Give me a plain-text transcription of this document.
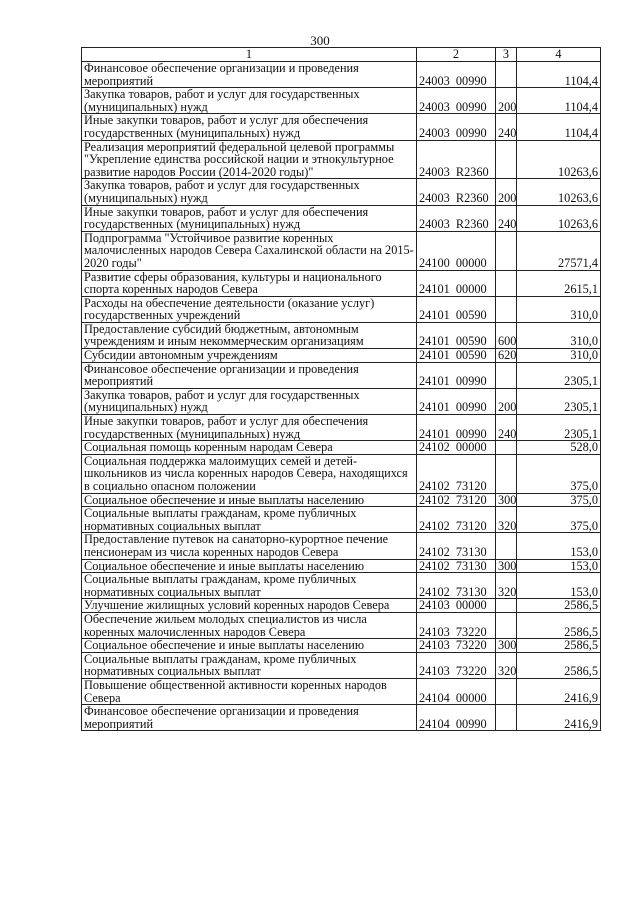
300
1	2	3	4
Финансовое обеспечение организации и проведения мероприятий	24003  00990		1104,4
Закупка товаров, работ и услуг для государственных (муниципальных) нужд	24003  00990	200	1104,4
Иные закупки товаров, работ и услуг для обеспечения государственных (муниципальных) нужд	24003  00990	240	1104,4
Реализация мероприятий федеральной целевой программы "Укрепление единства российской нации и этнокультурное развитие народов России (2014-2020 годы)"	24003  R2360		10263,6
Закупка товаров, работ и услуг для государственных (муниципальных) нужд	24003  R2360	200	10263,6
Иные закупки товаров, работ и услуг для обеспечения государственных (муниципальных) нужд	24003  R2360	240	10263,6
Подпрограмма "Устойчивое развитие коренных малочисленных народов Севера Сахалинской области на 2015-2020 годы"	24100  00000		27571,4
Развитие сферы образования, культуры и национального спорта коренных народов Севера	24101  00000		2615,1
Расходы на обеспечение деятельности (оказание услуг) государственных учреждений	24101  00590		310,0
Предоставление субсидий бюджетным, автономным учреждениям и иным некоммерческим организациям	24101  00590	600	310,0
Субсидии автономным учреждениям	24101  00590	620	310,0
Финансовое обеспечение организации и проведения мероприятий	24101  00990		2305,1
Закупка товаров, работ и услуг для государственных (муниципальных) нужд	24101  00990	200	2305,1
Иные закупки товаров, работ и услуг для обеспечения государственных (муниципальных) нужд	24101  00990	240	2305,1
Социальная помощь коренным народам Севера	24102  00000		528,0
Социальная поддержка малоимущих семей и детей-школьников из числа коренных народов Севера, находящихся в социально опасном положении	24102  73120		375,0
Социальное обеспечение и иные выплаты населению	24102  73120	300	375,0
Социальные выплаты гражданам, кроме публичных нормативных социальных выплат	24102  73120	320	375,0
Предоставление путевок на санаторно-курортное печение пенсионерам из числа коренных народов Севера	24102  73130		153,0
Социальное обеспечение и иные выплаты населению	24102  73130	300	153,0
Социальные выплаты гражданам, кроме публичных нормативных социальных выплат	24102  73130	320	153,0
Улучшение жилищных условий коренных народов Севера	24103  00000		2586,5
Обеспечение жильем молодых специалистов из числа коренных малочисленных народов Севера	24103  73220		2586,5
Социальное обеспечение и иные выплаты населению	24103  73220	300	2586,5
Социальные выплаты гражданам, кроме публичных нормативных социальных выплат	24103  73220	320	2586,5
Повышение общественной активности коренных народов Севера	24104  00000		2416,9
Финансовое обеспечение организации и проведения мероприятий	24104  00990		2416,9
